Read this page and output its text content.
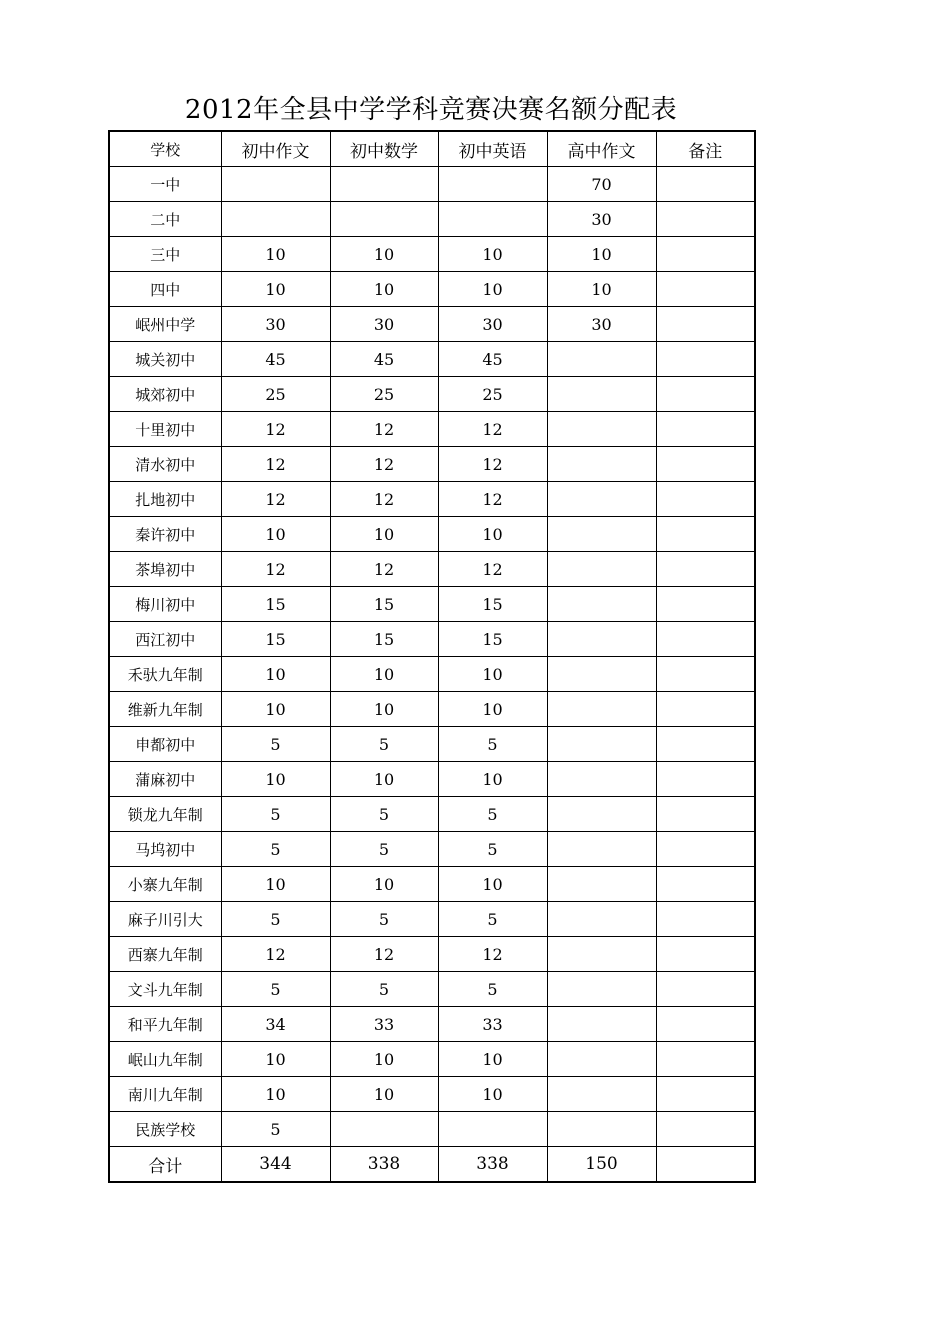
2012年全县中学学科竞赛决赛名额分配表
学校	初中作文	初中数学	初中英语	高中作文	备注
一中				70	
二中				30	
三中	10	10	10	10	
四中	10	10	10	10	
岷州中学	30	30	30	30	
城关初中	45	45	45		
城郊初中	25	25	25		
十里初中	12	12	12		
清水初中	12	12	12		
扎地初中	12	12	12		
秦许初中	10	10	10		
茶埠初中	12	12	12		
梅川初中	15	15	15		
西江初中	15	15	15		
禾驮九年制	10	10	10		
维新九年制	10	10	10		
申都初中	5	5	5		
蒲麻初中	10	10	10		
锁龙九年制	5	5	5		
马坞初中	5	5	5		
小寨九年制	10	10	10		
麻子川引大	5	5	5		
西寨九年制	12	12	12		
文斗九年制	5	5	5		
和平九年制	34	33	33		
岷山九年制	10	10	10		
南川九年制	10	10	10		
民族学校	5				
合计	344	338	338	150	
